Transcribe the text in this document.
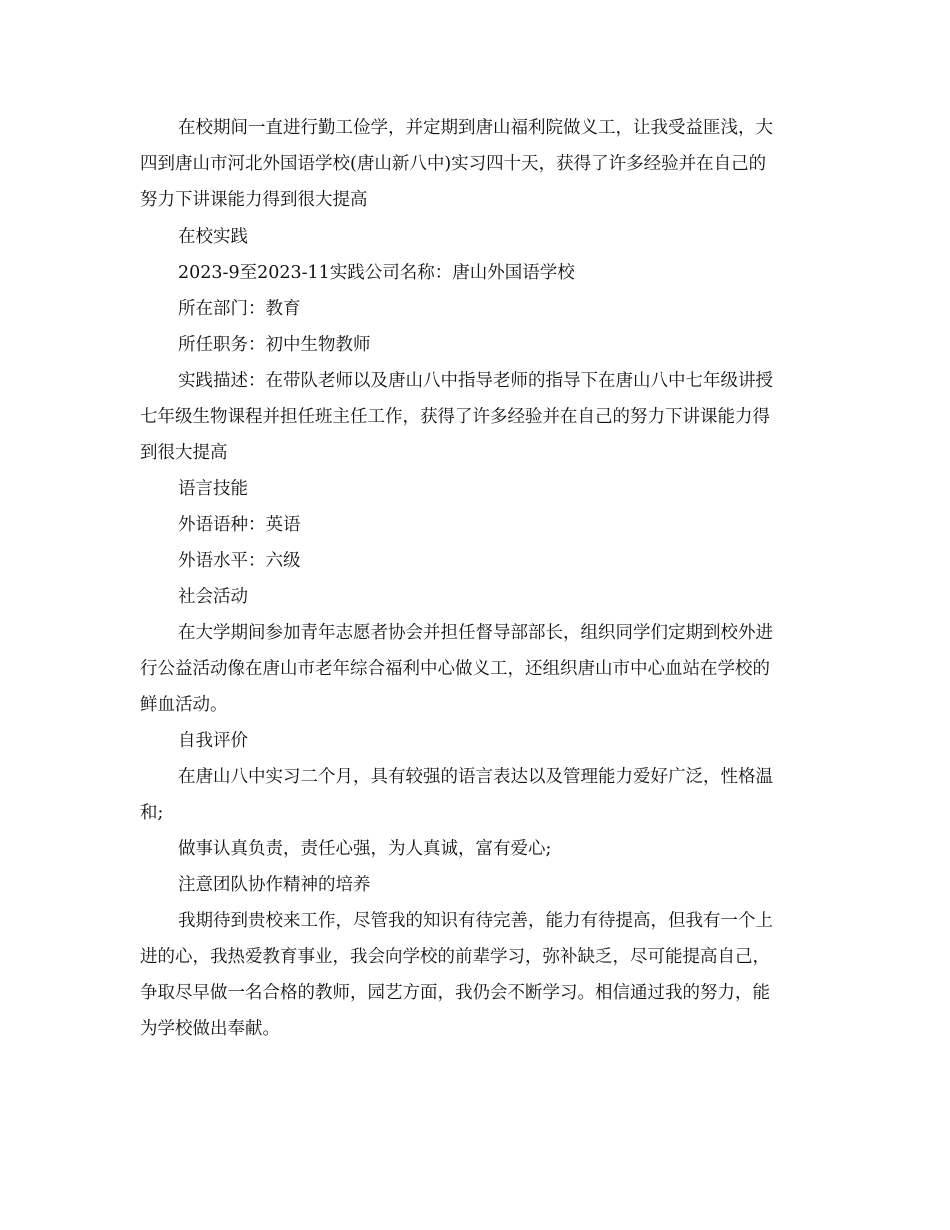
在校期间一直进行勤工俭学，并定期到唐山福利院做义工，让我受益匪浅，大

四到唐山市河北外国语学校(唐山新八中)实习四十天，获得了许多经验并在自己的

努力下讲课能力得到很大提高

在校实践

2023-9至2023-11实践公司名称：唐山外国语学校

所在部门：教育

所任职务：初中生物教师

实践描述：在带队老师以及唐山八中指导老师的指导下在唐山八中七年级讲授

七年级生物课程并担任班主任工作，获得了许多经验并在自己的努力下讲课能力得

到很大提高

语言技能

外语语种：英语

外语水平：六级

社会活动

在大学期间参加青年志愿者协会并担任督导部部长，组织同学们定期到校外进

行公益活动像在唐山市老年综合福利中心做义工，还组织唐山市中心血站在学校的

鲜血活动。

自我评价

在唐山八中实习二个月，具有较强的语言表达以及管理能力爱好广泛，性格温

和;

做事认真负责，责任心强，为人真诚，富有爱心;

注意团队协作精神的培养

我期待到贵校来工作，尽管我的知识有待完善，能力有待提高，但我有一个上

进的心，我热爱教育事业，我会向学校的前辈学习，弥补缺乏，尽可能提高自己，

争取尽早做一名合格的教师，园艺方面，我仍会不断学习。相信通过我的努力，能

为学校做出奉献。
